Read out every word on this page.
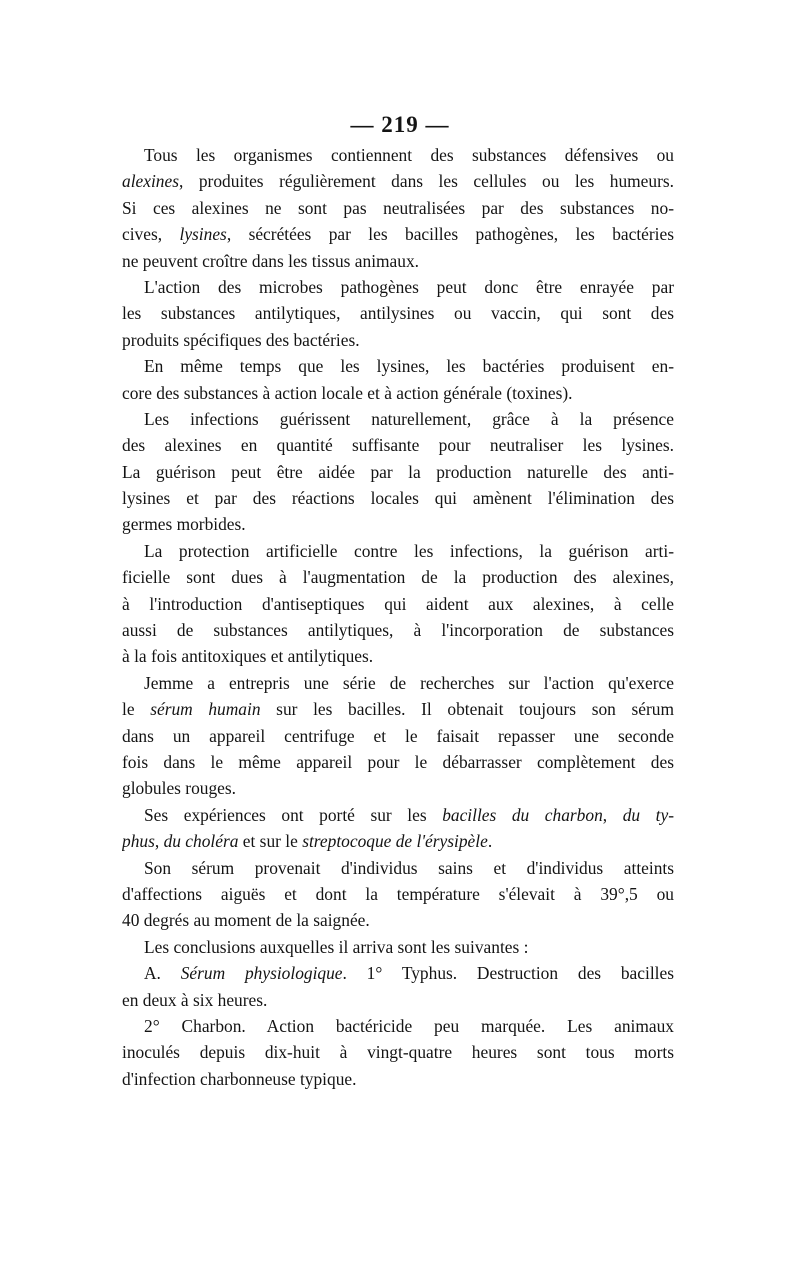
— 219 —
Tous les organismes contiennent des substances défensives ou
alexines, produites régulièrement dans les cellules ou les humeurs.
Si ces alexines ne sont pas neutralisées par des substances no-
cives, lysines, sécrétées par les bacilles pathogènes, les bactéries
ne peuvent croître dans les tissus animaux.
L'action des microbes pathogènes peut donc être enrayée par
les substances antilytiques, antilysines ou vaccin, qui sont des
produits spécifiques des bactéries.
En même temps que les lysines, les bactéries produisent en-
core des substances à action locale et à action générale (toxines).
Les infections guérissent naturellement, grâce à la présence
des alexines en quantité suffisante pour neutraliser les lysines.
La guérison peut être aidée par la production naturelle des anti-
lysines et par des réactions locales qui amènent l'élimination des
germes morbides.
La protection artificielle contre les infections, la guérison arti-
ficielle sont dues à l'augmentation de la production des alexines,
à l'introduction d'antiseptiques qui aident aux alexines, à celle
aussi de substances antilytiques, à l'incorporation de substances
à la fois antitoxiques et antilytiques.
Jemme a entrepris une série de recherches sur l'action qu'exerce
le sérum humain sur les bacilles. Il obtenait toujours son sérum
dans un appareil centrifuge et le faisait repasser une seconde
fois dans le même appareil pour le débarrasser complètement des
globules rouges.
Ses expériences ont porté sur les bacilles du charbon, du ty-
phus, du choléra et sur le streptocoque de l'érysipèle.
Son sérum provenait d'individus sains et d'individus atteints
d'affections aiguës et dont la température s'élevait à 39°,5 ou
40 degrés au moment de la saignée.
Les conclusions auxquelles il arriva sont les suivantes :
A. Sérum physiologique. 1° Typhus. Destruction des bacilles
en deux à six heures.
2° Charbon. Action bactéricide peu marquée. Les animaux
inoculés depuis dix-huit à vingt-quatre heures sont tous morts
d'infection charbonneuse typique.
